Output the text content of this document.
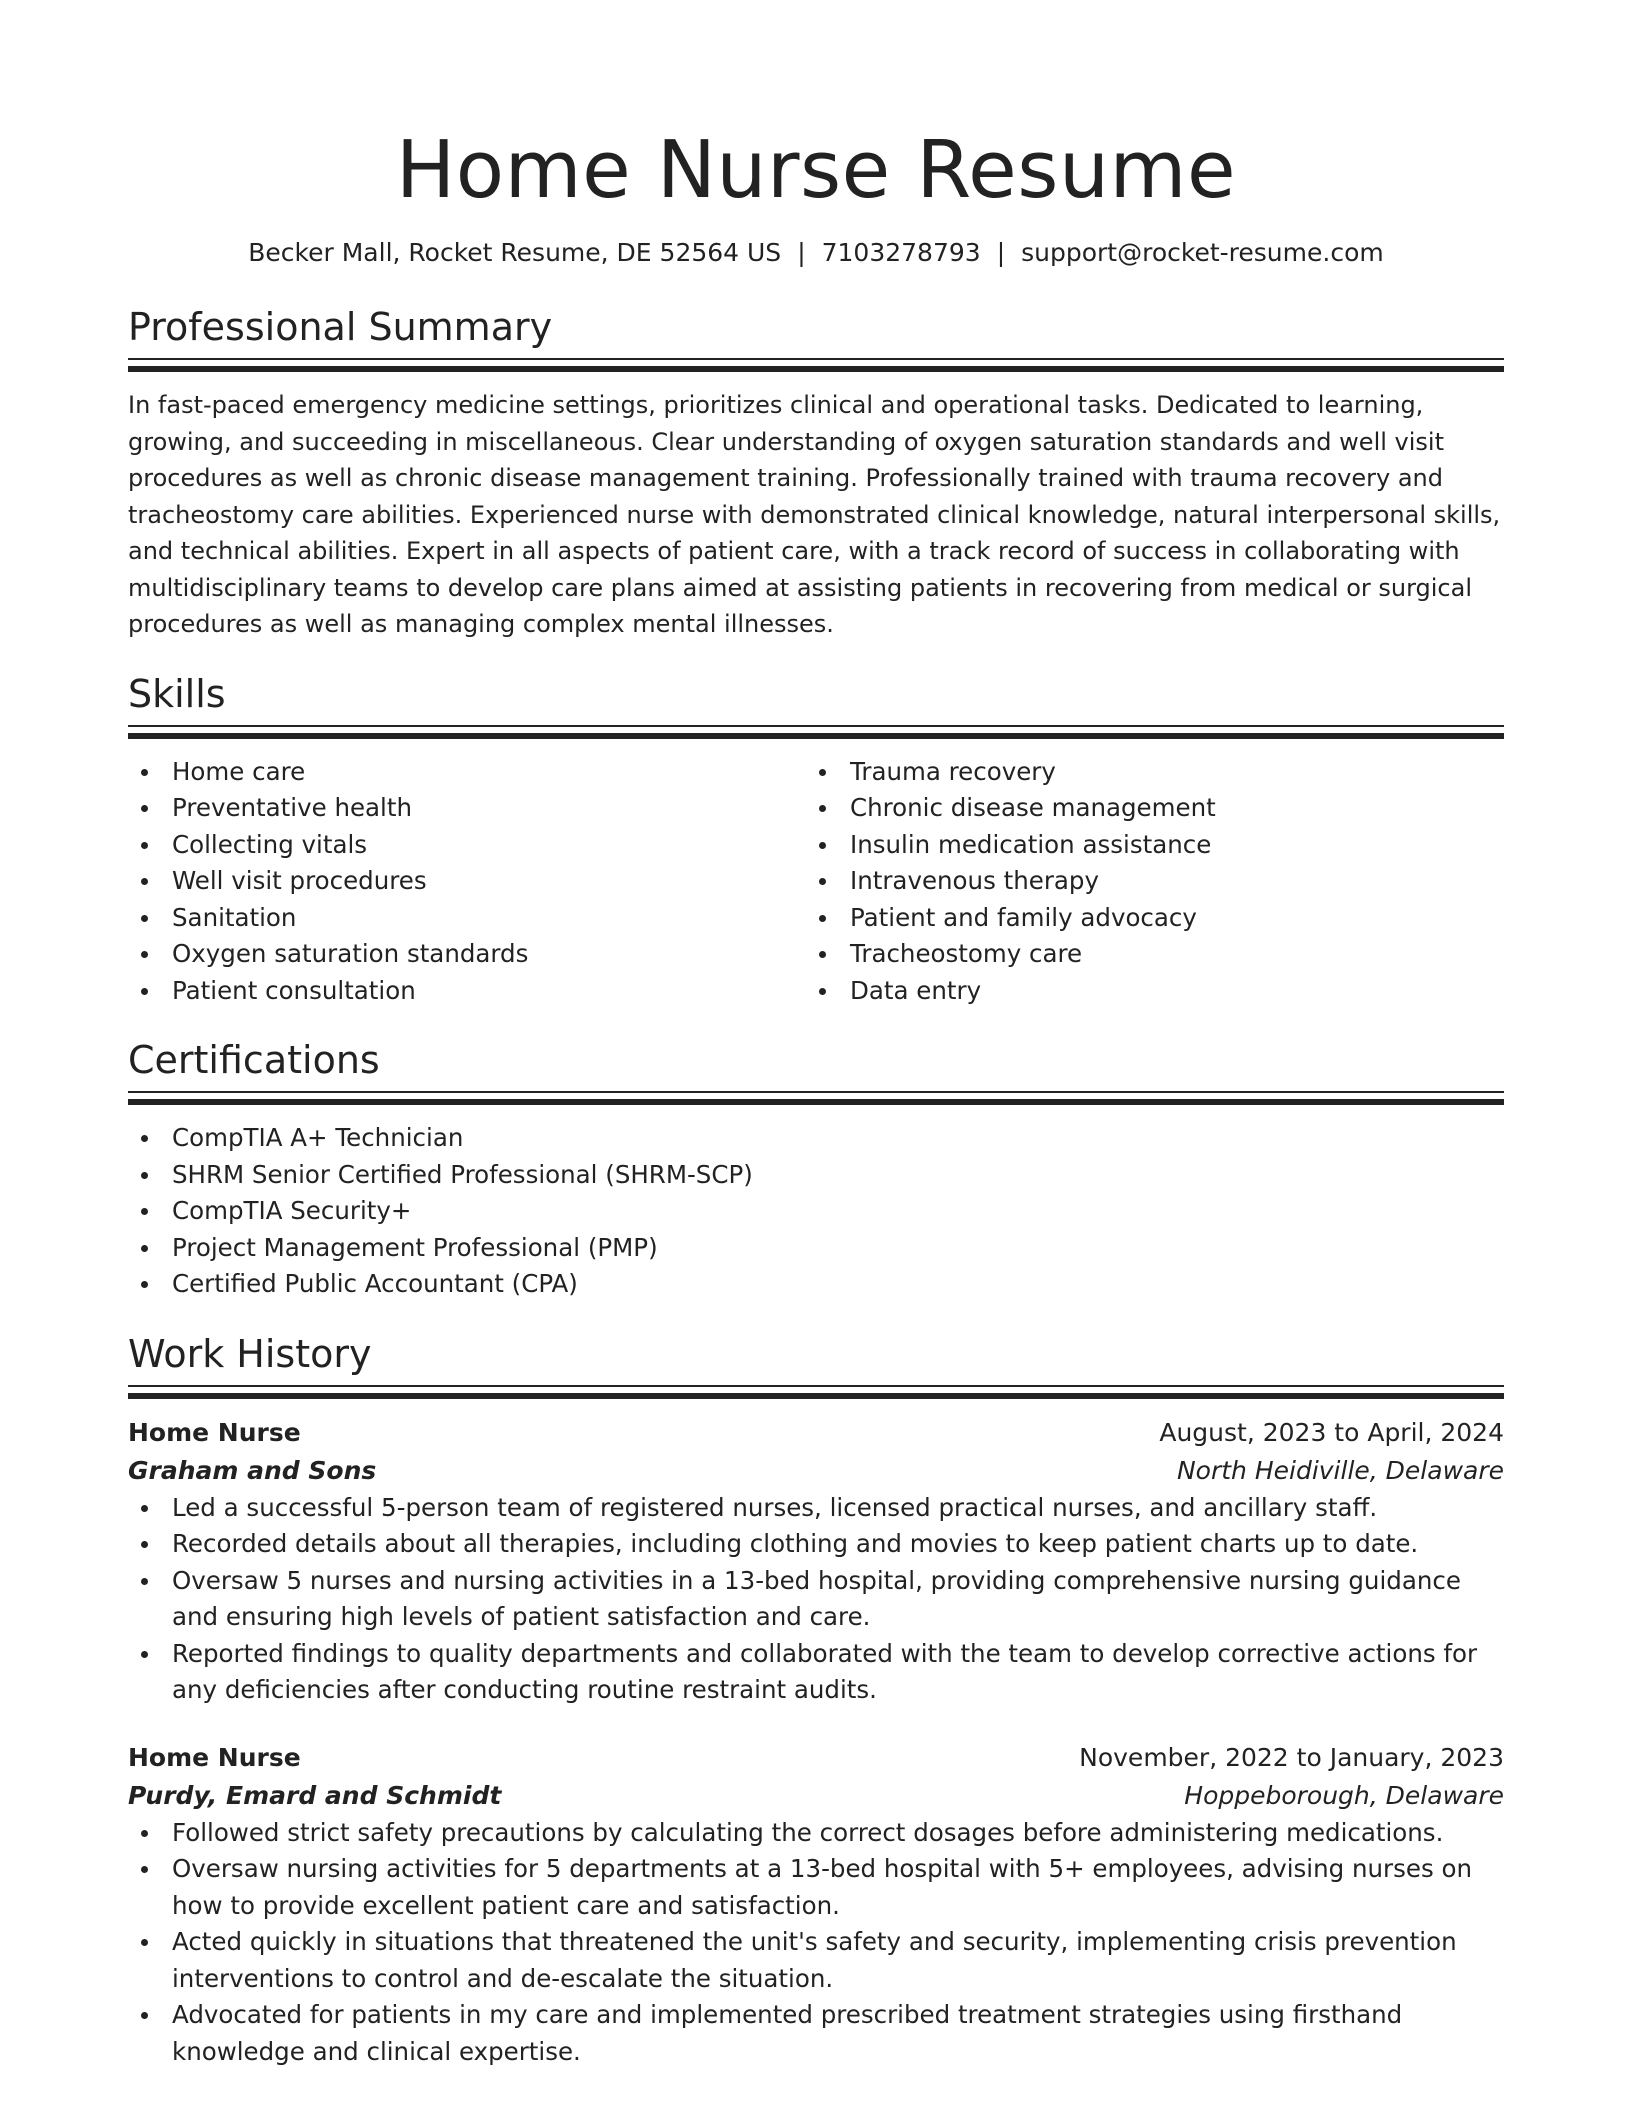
Home Nurse Resume
Becker Mall, Rocket Resume, DE 52564 US | 7103278793 | support@rocket-resume.com
Professional Summary

In fast-paced emergency medicine settings, prioritizes clinical and operational tasks. Dedicated to learning, growing, and succeeding in miscellaneous. Clear understanding of oxygen saturation standards and well visit procedures as well as chronic disease management training. Professionally trained with trauma recovery and tracheostomy care abilities. Experienced nurse with demonstrated clinical knowledge, natural interpersonal skills, and technical abilities. Expert in all aspects of patient care, with a track record of success in collaborating with multidisciplinary teams to develop care plans aimed at assisting patients in recovering from medical or surgical procedures as well as managing complex mental illnesses.

Skills
Home care
Preventative health
Collecting vitals
Well visit procedures
Sanitation
Oxygen saturation standards
Patient consultation
Trauma recovery
Chronic disease management
Insulin medication assistance
Intravenous therapy
Patient and family advocacy
Tracheostomy care
Data entry
Certifications
CompTIA A+ Technician
SHRM Senior Certified Professional (SHRM-SCP)
CompTIA Security+
Project Management Professional (PMP)
Certified Public Accountant (CPA)
Work History
Home Nurse	August, 2023 to April, 2024
Graham and Sons	North Heidiville, Delaware
Led a successful 5-person team of registered nurses, licensed practical nurses, and ancillary staff.
Recorded details about all therapies, including clothing and movies to keep patient charts up to date.
Oversaw 5 nurses and nursing activities in a 13-bed hospital, providing comprehensive nursing guidance and ensuring high levels of patient satisfaction and care.
Reported findings to quality departments and collaborated with the team to develop corrective actions for any deficiencies after conducting routine restraint audits.
Home Nurse	November, 2022 to January, 2023
Purdy, Emard and Schmidt	Hoppeborough, Delaware
Followed strict safety precautions by calculating the correct dosages before administering medications.
Oversaw nursing activities for 5 departments at a 13-bed hospital with 5+ employees, advising nurses on how to provide excellent patient care and satisfaction.
Acted quickly in situations that threatened the unit's safety and security, implementing crisis prevention interventions to control and de-escalate the situation.
Advocated for patients in my care and implemented prescribed treatment strategies using firsthand knowledge and clinical expertise.
